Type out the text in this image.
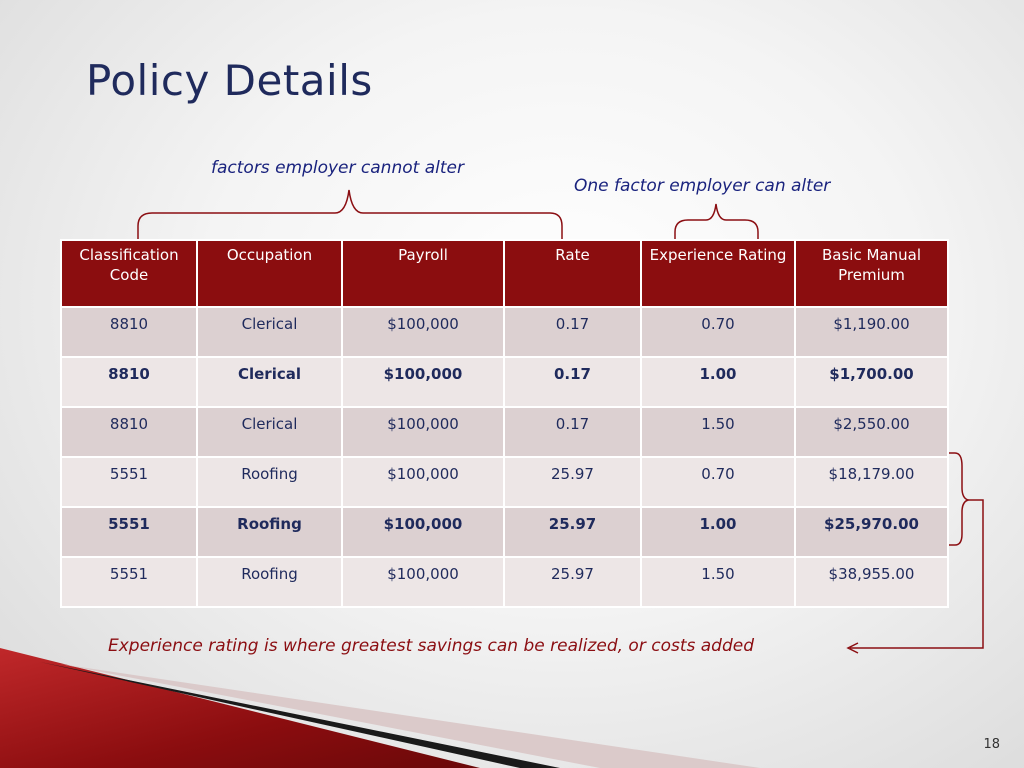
Policy Details
factors employer cannot alter
One factor employer can alter
Classification Code	Occupation	Payroll	Rate	Experience Rating	Basic Manual Premium
8810	Clerical	$100,000	0.17	0.70	$1,190.00
8810	Clerical	$100,000	0.17	1.00	$1,700.00
8810	Clerical	$100,000	0.17	1.50	$2,550.00
5551	Roofing	$100,000	25.97	0.70	$18,179.00
5551	Roofing	$100,000	25.97	1.00	$25,970.00
5551	Roofing	$100,000	25.97	1.50	$38,955.00
Experience rating is where greatest savings can be realized, or costs added
18
